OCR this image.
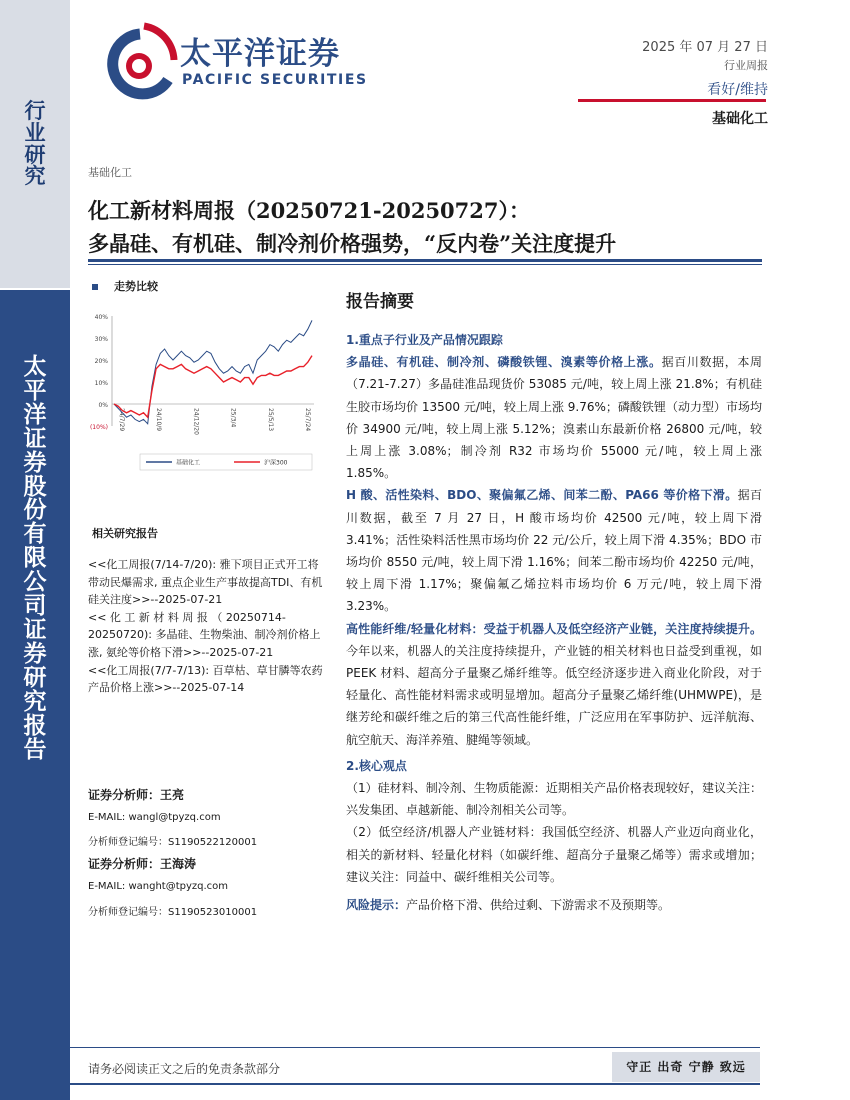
行
业
研
究
太
平
洋
证
券
股
份
有
限
公
司
证
券
研
究
报
告
太平洋证券
PACIFIC SECURITIES
2025 年 07 月 27 日
行业周报
看好/维持
基础化工
基础化工
化工新材料周报（20250721-20250727）：
多晶硅、有机硅、制冷剂价格强势，“反内卷”关注度提升
走势比较
40%
30%
20%
10%
0%
(10%) 24/7/29	24/10/9	24/12/20	25/3/4	25/5/13	25/7/24
基础化工	沪深300
相关研究报告
<<化工周报(7/14-7/20): 雅下项目正式开工将带动民爆需求, 重点企业生产事故提高TDI、有机硅关注度>>--2025-07-21
<< 化 工 新 材 料 周 报 （ 20250714-20250720): 多晶硅、生物柴油、制冷剂价格上涨, 氨纶等价格下滑>>--2025-07-21
<<化工周报(7/7-7/13): 百草枯、草甘膦等农药产品价格上涨>>--2025-07-14
证券分析师：王亮
E-MAIL: wangl@tpyzq.com
分析师登记编号：S1190522120001
证券分析师：王海涛
E-MAIL: wanght@tpyzq.com
分析师登记编号：S1190523010001
报告摘要
1.重点子行业及产品情况跟踪
多晶硅、有机硅、制冷剂、磷酸铁锂、溴素等价格上涨。据百川数据，本周（7.21-7.27）多晶硅准品现货价 53085 元/吨，较上周上涨 21.8%；有机硅生胶市场均价 13500 元/吨，较上周上涨 9.76%；磷酸铁锂（动力型）市场均价 34900 元/吨，较上周上涨 5.12%；溴素山东最新价格 26800 元/吨，较上周上涨 3.08%；制冷剂 R32 市场均价 55000 元/吨，较上周上涨 1.85%。
H 酸、活性染料、BDO、聚偏氟乙烯、间苯二酚、PA66 等价格下滑。据百川数据，截至 7 月 27 日，H 酸市场均价 42500 元/吨，较上周下滑 3.41%；活性染料活性黑市场均价 22 元/公斤，较上周下滑 4.35%；BDO 市场均价 8550 元/吨，较上周下滑 1.16%；间苯二酚市场均价 42250 元/吨，较上周下滑 1.17%；聚偏氟乙烯拉料市场均价 6 万元/吨，较上周下滑 3.23%。
高性能纤维/轻量化材料：受益于机器人及低空经济产业链，关注度持续提升。今年以来，机器人的关注度持续提升，产业链的相关材料也日益受到重视，如 PEEK 材料、超高分子量聚乙烯纤维等。低空经济逐步进入商业化阶段，对于轻量化、高性能材料需求或明显增加。超高分子量聚乙烯纤维(UHMWPE)，是继芳纶和碳纤维之后的第三代高性能纤维，广泛应用在军事防护、远洋航海、航空航天、海洋养殖、腱绳等领域。
2.核心观点
（1）硅材料、制冷剂、生物质能源：近期相关产品价格表现较好，建议关注：兴发集团、卓越新能、制冷剂相关公司等。
（2）低空经济/机器人产业链材料：我国低空经济、机器人产业迈向商业化，相关的新材料、轻量化材料（如碳纤维、超高分子量聚乙烯等）需求或增加；建议关注：同益中、碳纤维相关公司等。
风险提示：产品价格下滑、供给过剩、下游需求不及预期等。
请务必阅读正文之后的免责条款部分	守正 出奇 宁静 致远
